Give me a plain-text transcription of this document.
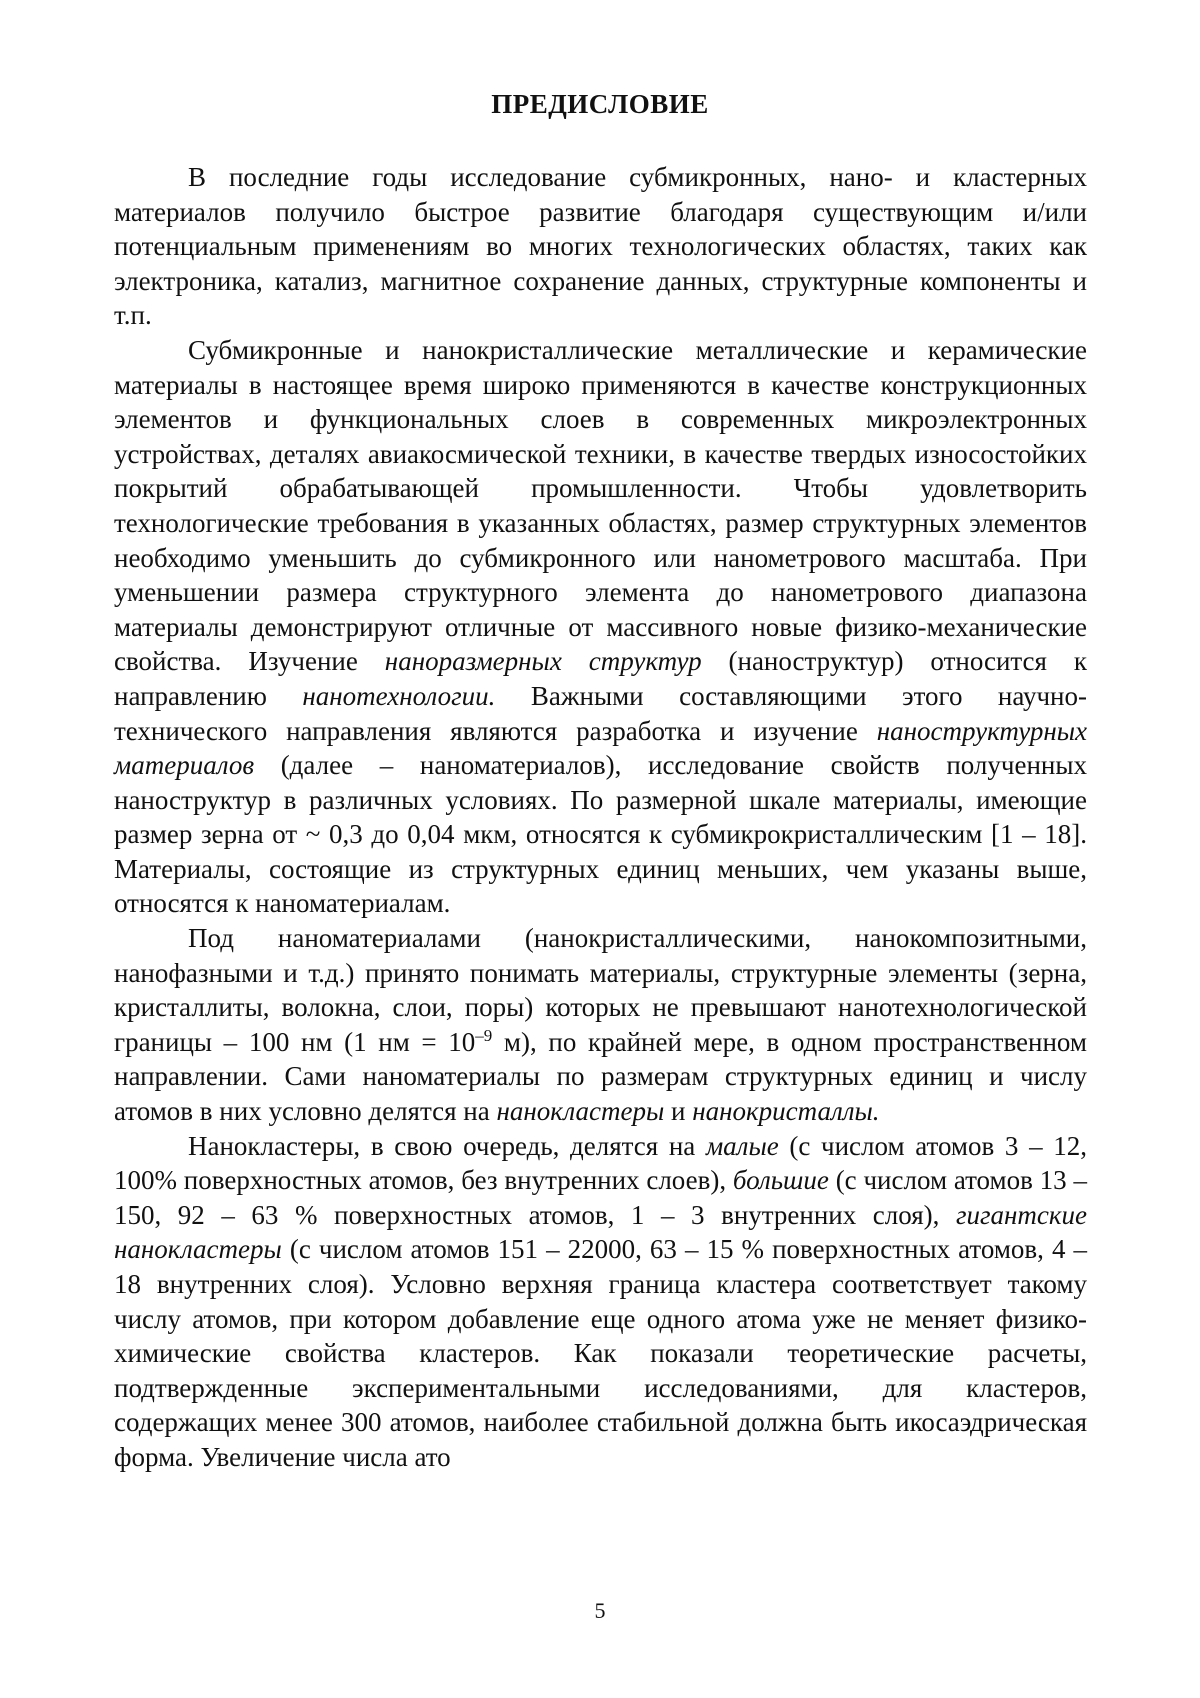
ПРЕДИСЛОВИЕ

В последние годы исследование субмикронных, нано- и кластерных материалов получило быстрое развитие благодаря существующим и/или потенциальным применениям во многих технологических областях, таких как электроника, катализ, магнитное сохранение данных, структурные компоненты и т.п.

Субмикронные и нанокристаллические металлические и керамические материалы в настоящее время широко применяются в качестве конструкционных элементов и функциональных слоев в современных микроэлектронных устройствах, деталях авиакосмической техники, в качестве твердых износостойких покрытий обрабатывающей промышленности. Чтобы удовлетворить технологические требования в указанных областях, размер структурных элементов необходимо уменьшить до субмикронного или нанометрового масштаба. При уменьшении размера структурного элемента до нанометрового диапазона материалы демонстрируют отличные от массивного новые физико-механические свойства. Изучение наноразмерных структур (наноструктур) относится к направлению нанотехнологии. Важными составляющими этого научно-технического направления являются разработка и изучение наноструктурных материалов (далее – наноматериалов), исследование свойств полученных наноструктур в различных условиях. По размерной шкале материалы, имеющие размер зерна от ~ 0,3 до 0,04 мкм, относятся к субмикрокристаллическим [1 – 18]. Материалы, состоящие из структурных единиц меньших, чем указаны выше, относятся к наноматериалам.

Под наноматериалами (нанокристаллическими, нанокомпозитными, нанофазными и т.д.) принято понимать материалы, структурные элементы (зерна, кристаллиты, волокна, слои, поры) которых не превышают нанотехнологической границы – 100 нм (1 нм = $10^{-9}$ м), по крайней мере, в одном пространственном направлении. Сами наноматериалы по размерам структурных единиц и числу атомов в них условно делятся на нанокластеры и нанокристаллы.

Нанокластеры, в свою очередь, делятся на малые (с числом атомов 3 – 12, 100% поверхностных атомов, без внутренних слоев), большие (с числом атомов 13 – 150, 92 – 63 % поверхностных атомов, 1 – 3 внутренних слоя), гигантские нанокластеры (с числом атомов 151 – 22000, 63 – 15 % поверхностных атомов, 4 – 18 внутренних слоя). Условно верхняя граница кластера соответствует такому числу атомов, при котором добавление еще одного атома уже не меняет физико-химические свойства кластеров. Как показали теоретические расчеты, подтвержденные экспериментальными исследованиями, для кластеров, содержащих менее 300 атомов, наиболее стабильной должна быть икосаэдрическая форма. Увеличение числа ато

5
